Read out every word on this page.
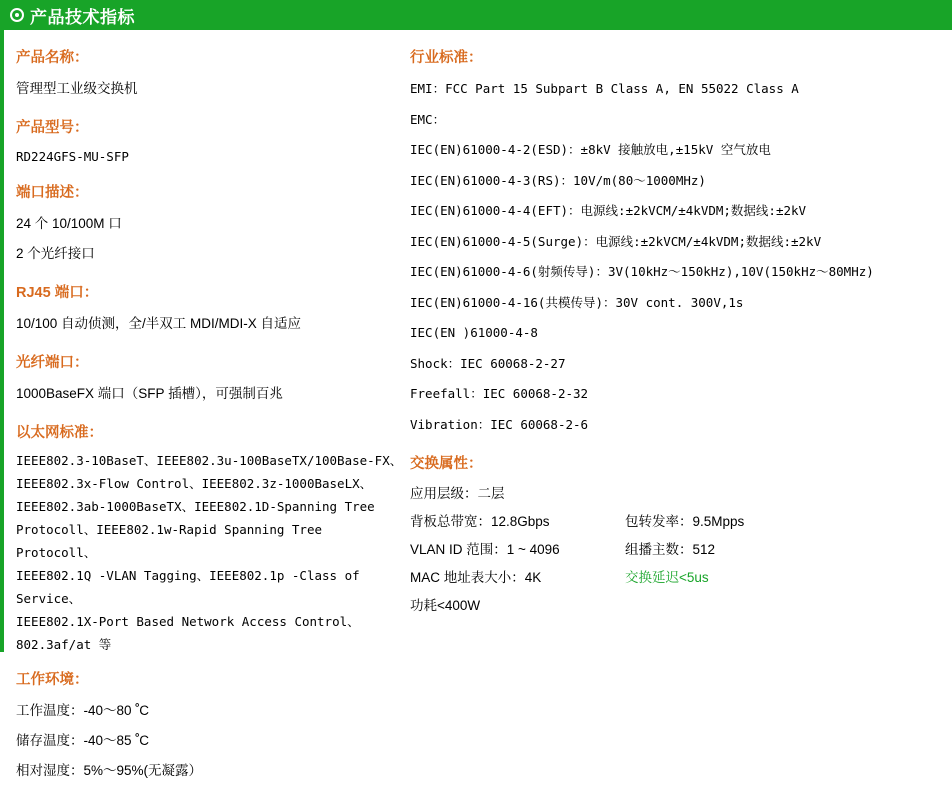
产品技术指标
产品名称：
管理型工业级交换机
产品型号：
RD224GFS-MU-SFP
端口描述：
24 个 10/100M 口
2 个光纤接口
RJ45 端口：
10/100 自动侦测，全/半双工 MDI/MDI-X 自适应
光纤端口：
1000BaseFX 端口（SFP 插槽），可强制百兆
以太网标准：
IEEE802.3-10BaseT、IEEE802.3u-100BaseTX/100Base-FX、
IEEE802.3x-Flow Control、IEEE802.3z-1000BaseLX、
IEEE802.3ab-1000BaseTX、IEEE802.1D-Spanning Tree
Protocoll、IEEE802.1w-Rapid Spanning Tree Protocoll、
IEEE802.1Q -VLAN Tagging、IEEE802.1p -Class of Service、
IEEE802.1X-Port Based Network Access Control、
802.3af/at 等
工作环境：
工作温度：-40～80 ﹾC
储存温度：-40～85 ﹾC
相对湿度：5%～95%(无凝露）
行业标准：
EMI：FCC Part 15 Subpart B Class A, EN 55022 Class A
EMC：
IEC(EN)61000-4-2(ESD)：±8kV 接触放电,±15kV 空气放电
IEC(EN)61000-4-3(RS)：10V/m(80～1000MHz)
IEC(EN)61000-4-4(EFT)：电源线:±2kVCM/±4kVDM;数据线:±2kV
IEC(EN)61000-4-5(Surge)：电源线:±2kVCM/±4kVDM;数据线:±2kV
IEC(EN)61000-4-6(射频传导)：3V(10kHz～150kHz),10V(150kHz～80MHz)
IEC(EN)61000-4-16(共模传导)：30V cont. 300V,1s
IEC(EN )61000-4-8
Shock：IEC 60068-2-27
Freefall：IEC 60068-2-32
Vibration：IEC 60068-2-6
交换属性：
应用层级：二层
背板总带宽：12.8Gbps	包转发率：9.5Mpps
VLAN ID 范围：1 ~ 4096	组播主数：512
MAC 地址表大小：4K	交换延迟<5us
功耗<400W
